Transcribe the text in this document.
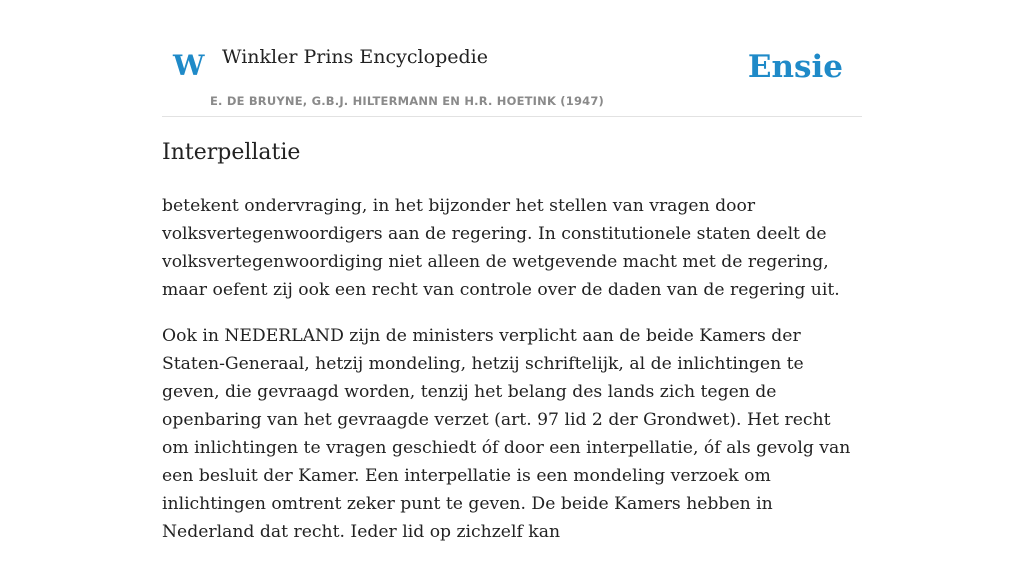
W Winkler Prins Encyclopedie
E. DE BRUYNE, G.B.J. HILTERMANN EN H.R. HOETINK (1947)
Ensie
Interpellatie

betekent ondervraging, in het bijzonder het stellen van vragen door volksvertegenwoordigers aan de regering. In constitutionele staten deelt de volksvertegenwoordiging niet alleen de wetgevende macht met de regering, maar oefent zij ook een recht van controle over de daden van de regering uit.

Ook in NEDERLAND zijn de ministers verplicht aan de beide Kamers der Staten-Generaal, hetzij mondeling, hetzij schriftelijk, al de inlichtingen te geven, die gevraagd worden, tenzij het belang des lands zich tegen de openbaring van het gevraagde verzet (art. 97 lid 2 der Grondwet). Het recht om inlichtingen te vragen geschiedt óf door een interpellatie, óf als gevolg van een besluit der Kamer. Een interpellatie is een mondeling verzoek om inlichtingen omtrent zeker punt te geven. De beide Kamers hebben in Nederland dat recht. Ieder lid op zichzelf kan
